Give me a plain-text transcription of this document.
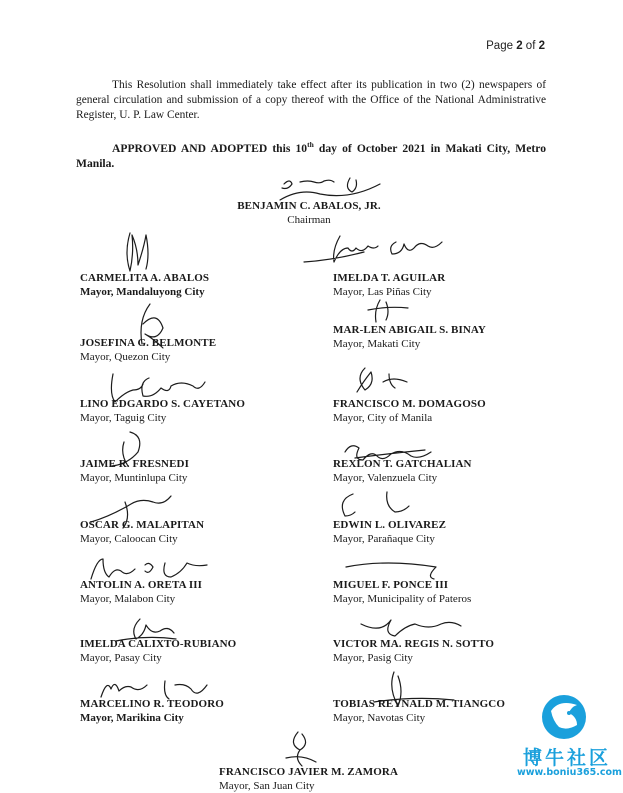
Page 2 of 2

This Resolution shall immediately take effect after its publication in two (2) newspapers of general circulation and submission of a copy thereof with the Office of the National Administrative Register, U. P. Law Center.

APPROVED AND ADOPTED this 10th day of October 2021 in Makati City, Metro Manila.

BENJAMIN C. ABALOS, JR.
Chairman
CARMELITA A. ABALOS
Mayor, Mandaluyong City
JOSEFINA G. BELMONTE
Mayor, Quezon City
LINO EDGARDO S. CAYETANO
Mayor, Taguig City
JAIME R. FRESNEDI
Mayor, Muntinlupa City
OSCAR G. MALAPITAN
Mayor, Caloocan City
ANTOLIN A. ORETA III
Mayor, Malabon City
IMELDA CALIXTO-RUBIANO
Mayor, Pasay City
MARCELINO R. TEODORO
Mayor, Marikina City
IMELDA T. AGUILAR
Mayor, Las Piñas City
MAR-LEN ABIGAIL S. BINAY
Mayor, Makati City
FRANCISCO M. DOMAGOSO
Mayor, City of Manila
REXLON T. GATCHALIAN
Mayor, Valenzuela City
EDWIN L. OLIVAREZ
Mayor, Parañaque City
MIGUEL F. PONCE III
Mayor, Municipality of Pateros
VICTOR MA. REGIS N. SOTTO
Mayor, Pasig City
TOBIAS REYNALD M. TIANGCO
Mayor, Navotas City
FRANCISCO JAVIER M. ZAMORA
Mayor, San Juan City
博牛社区
www.boniu365.com
